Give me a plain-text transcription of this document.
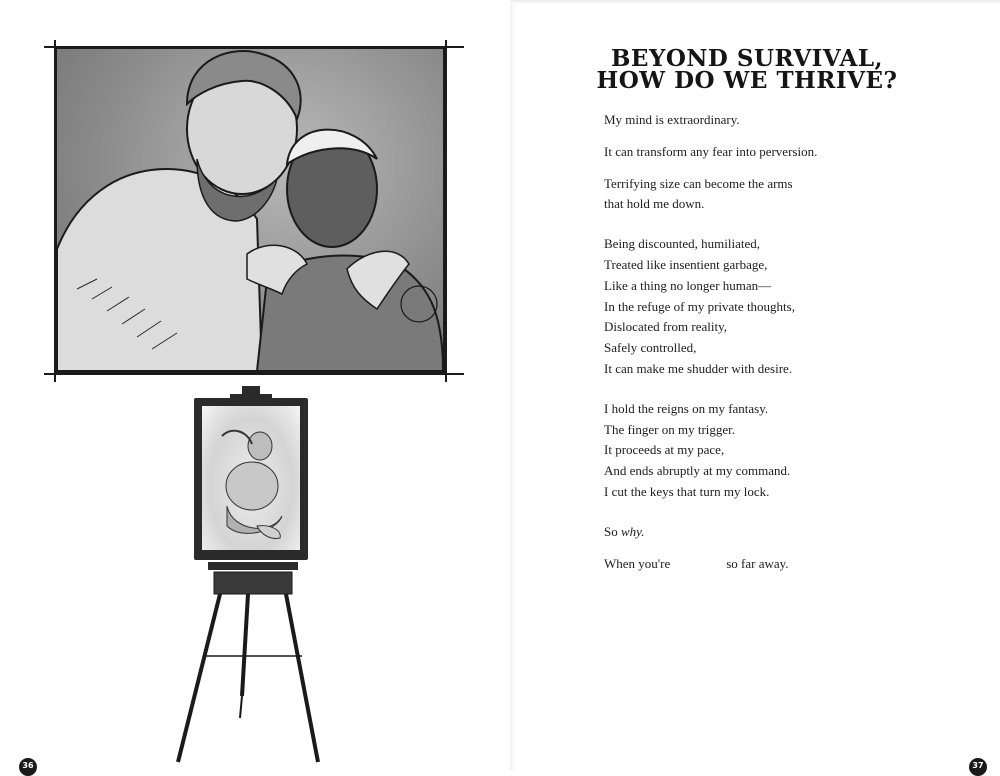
BEYOND SURVIVAL, HOW DO WE THRIVE?

My mind is extraordinary.

It can transform any fear into perversion.

Terrifying size can become the arms

that hold me down.

Being discounted, humiliated,

Treated like insentient garbage,

Like a thing no longer human—

In the refuge of my private thoughts,

Dislocated from reality,

Safely controlled,

It can make me shudder with desire.

I hold the reigns on my fantasy.

The finger on my trigger.

It proceeds at my pace,

And ends abruptly at my command.

I cut the keys that turn my lock.

So why.

When you're	so far away.

36	37
